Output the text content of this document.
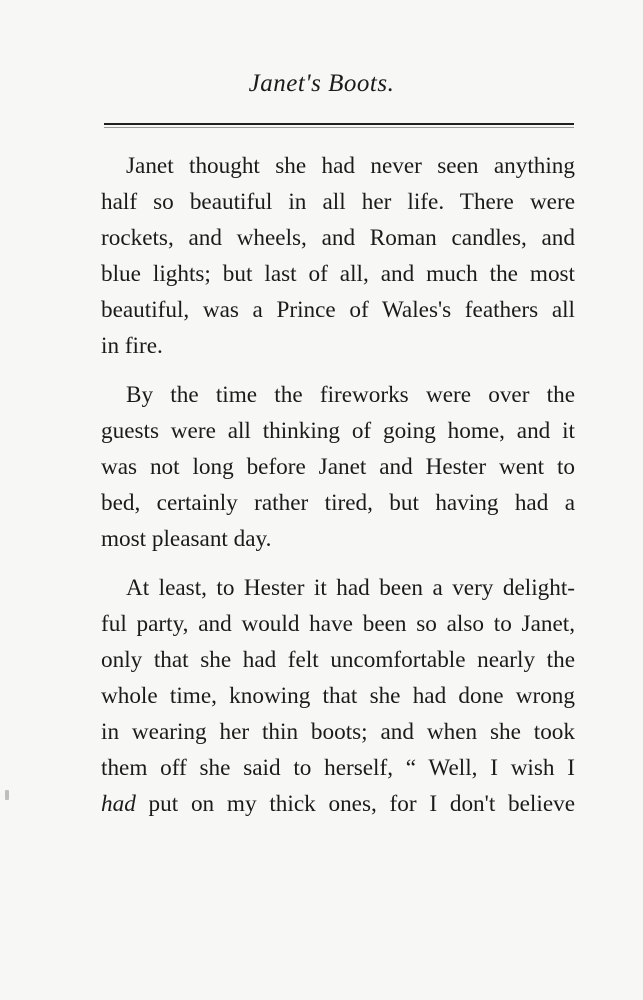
Janet's Boots.

Janet thought she had never seen anything
half so beautiful in all her life. There were
rockets, and wheels, and Roman candles, and
blue lights; but last of all, and much the most
beautiful, was a Prince of Wales's feathers all
in fire.

By the time the fireworks were over the
guests were all thinking of going home, and it
was not long before Janet and Hester went to
bed, certainly rather tired, but having had a
most pleasant day.

At least, to Hester it had been a very delight-
ful party, and would have been so also to Janet,
only that she had felt uncomfortable nearly the
whole time, knowing that she had done wrong
in wearing her thin boots; and when she took
them off she said to herself, “ Well, I wish I
had put on my thick ones, for I don't believe
